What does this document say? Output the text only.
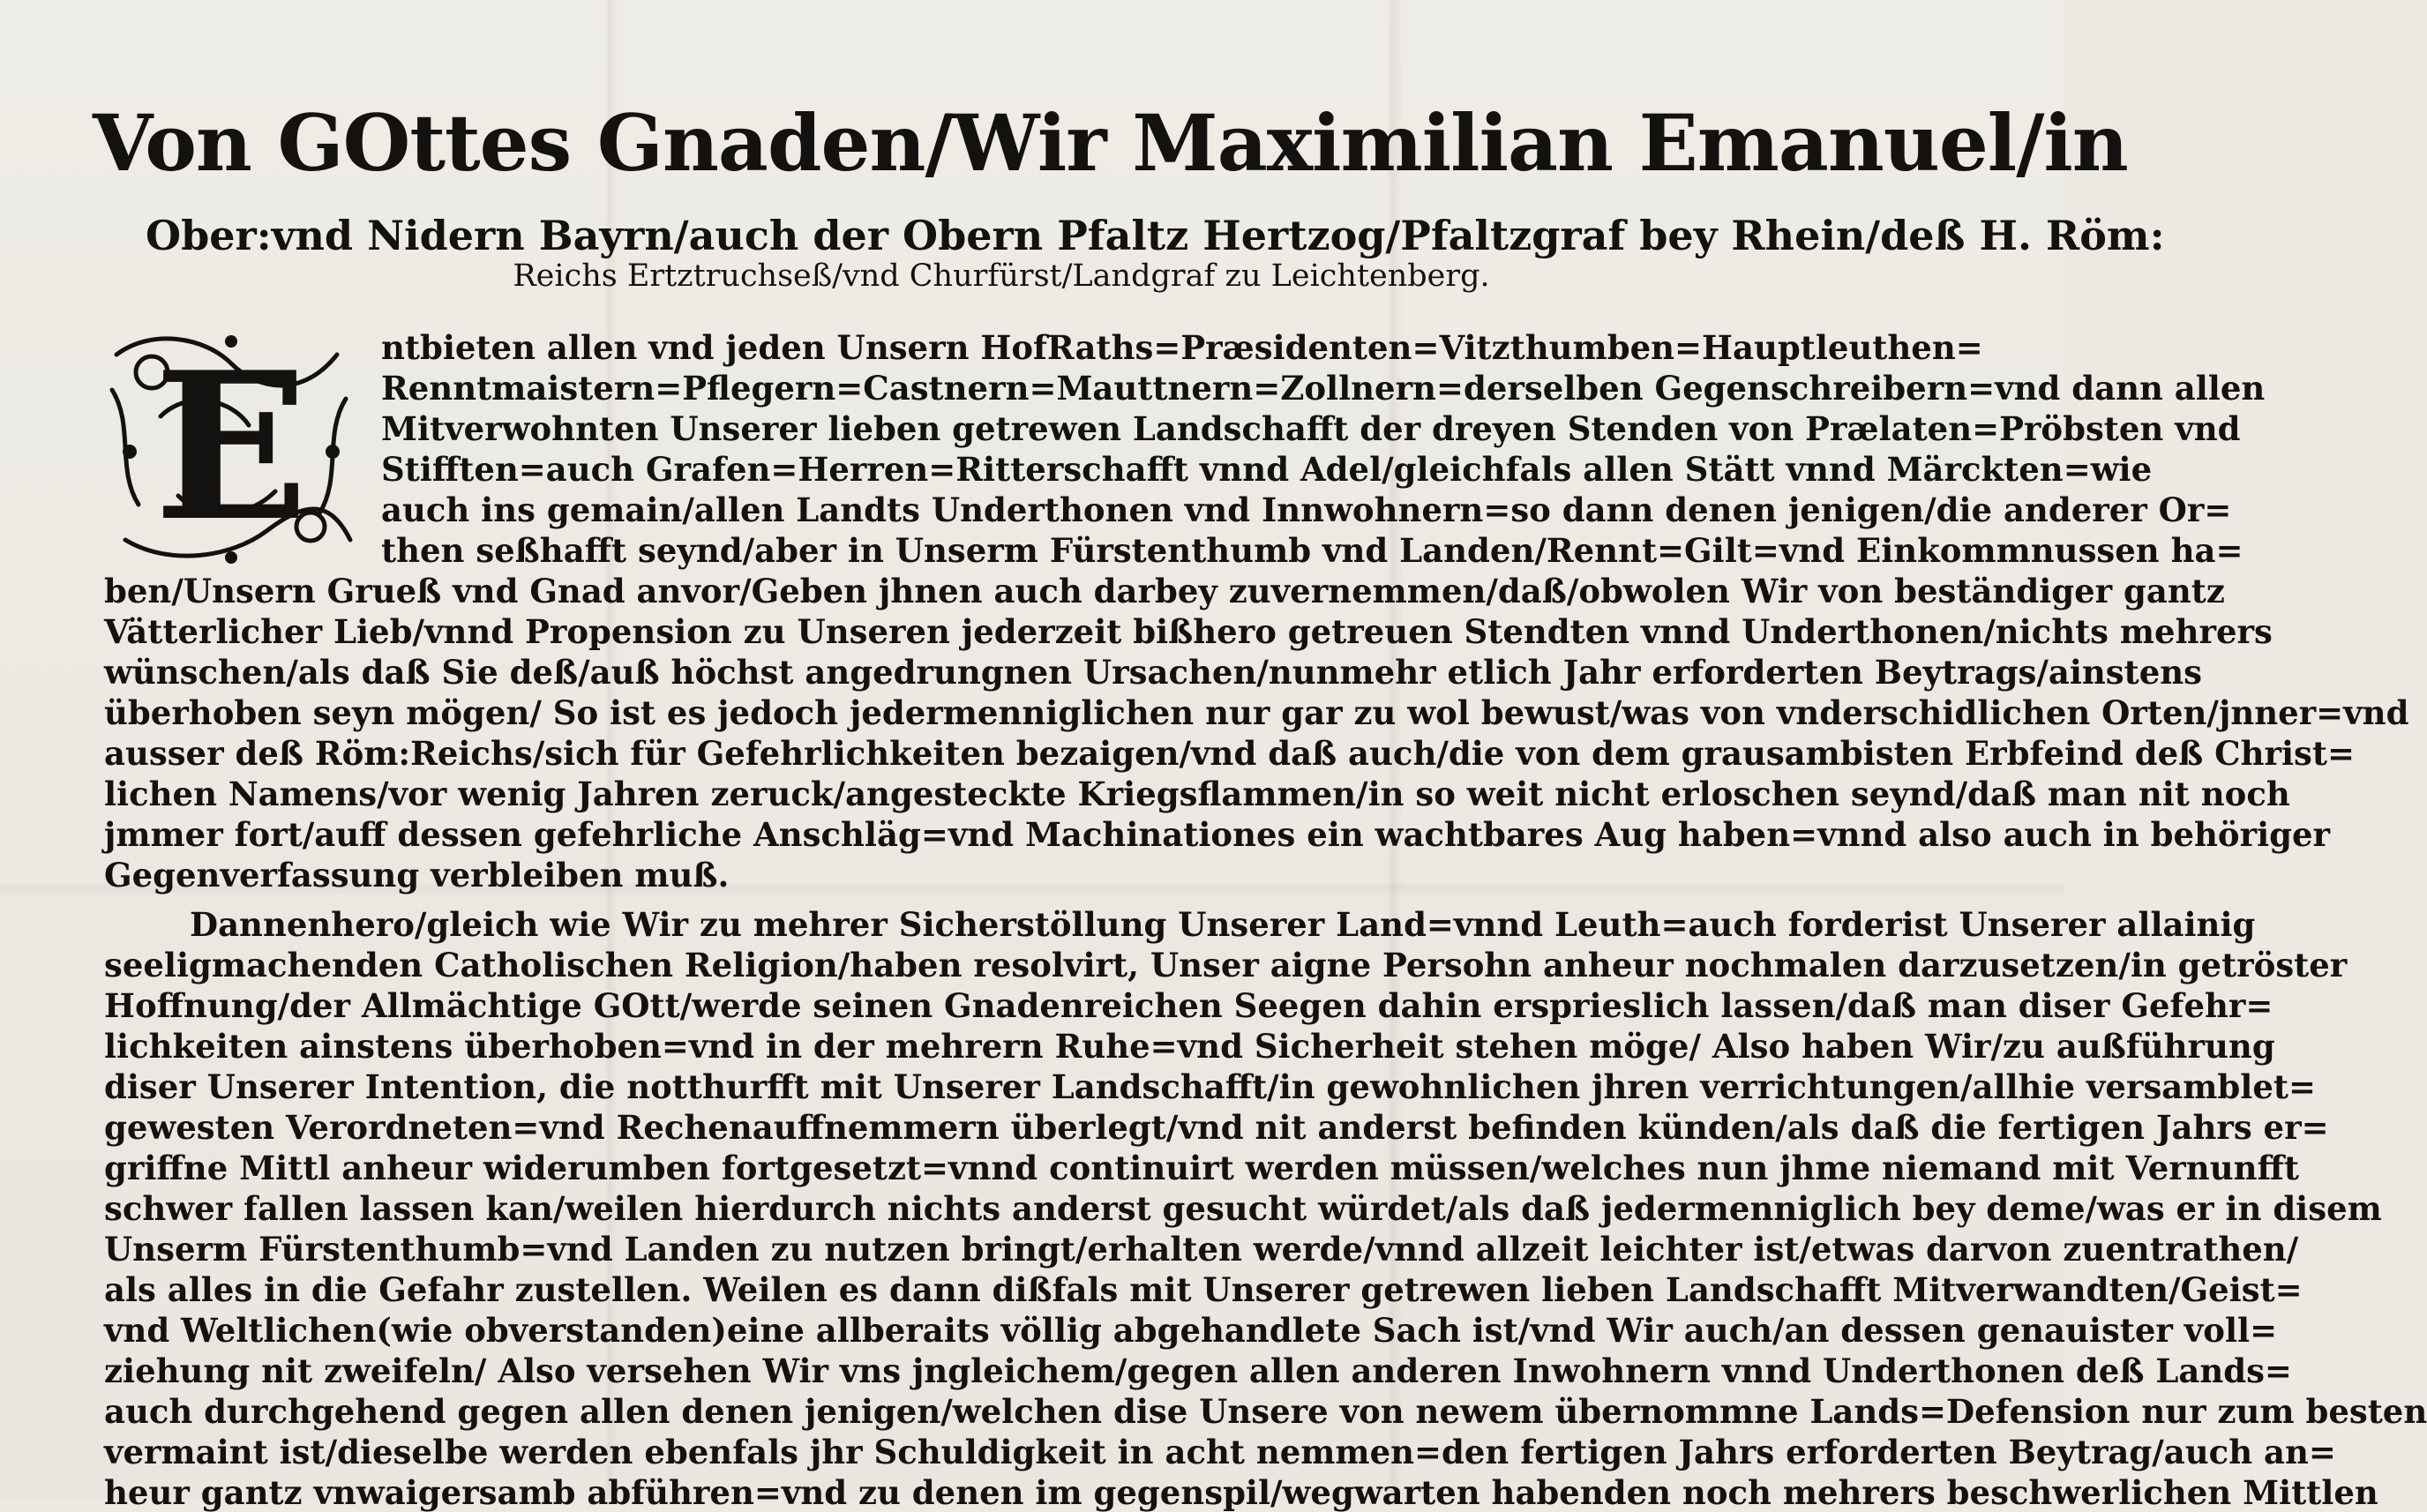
Von GOttes Gnaden/Wir Maximilian Emanuel/in
Ober:vnd Nidern Bayrn/auch der Obern Pfaltz Hertzog/Pfaltzgraf bey Rhein/deß H. Röm:
Reichs Ertztruchseß/vnd Churfürst/Landgraf zu Leichtenberg.
E ntbieten allen vnd jeden Unsern HofRaths=Præsidenten=Vitzthumben=Hauptleuthen=
Renntmaistern=Pflegern=Castnern=Mauttnern=Zollnern=derselben Gegenschreibern=vnd dann allen
Mitverwohnten Unserer lieben getrewen Landschafft der dreyen Stenden von Prælaten=Pröbsten vnd
Stifften=auch Grafen=Herren=Ritterschafft vnnd Adel/gleichfals allen Stätt vnnd Märckten=wie
auch ins gemain/allen Landts Underthonen vnd Innwohnern=so dann denen jenigen/die anderer Or=
then seßhafft seynd/aber in Unserm Fürstenthumb vnd Landen/Rennt=Gilt=vnd Einkommnussen ha=
ben/Unsern Grueß vnd Gnad anvor/Geben jhnen auch darbey zuvernemmen/daß/obwolen Wir von beständiger gantz
Vätterlicher Lieb/vnnd Propension zu Unseren jederzeit bißhero getreuen Stendten vnnd Underthonen/nichts mehrers
wünschen/als daß Sie deß/auß höchst angedrungnen Ursachen/nunmehr etlich Jahr erforderten Beytrags/ainstens
überhoben seyn mögen/ So ist es jedoch jedermenniglichen nur gar zu wol bewust/was von vnderschidlichen Orten/jnner=vnd
ausser deß Röm:Reichs/sich für Gefehrlichkeiten bezaigen/vnd daß auch/die von dem grausambisten Erbfeind deß Christ=
lichen Namens/vor wenig Jahren zeruck/angesteckte Kriegsflammen/in so weit nicht erloschen seynd/daß man nit noch
jmmer fort/auff dessen gefehrliche Anschläg=vnd Machinationes ein wachtbares Aug haben=vnnd also auch in behöriger
Gegenverfassung verbleiben muß.
Dannenhero/gleich wie Wir zu mehrer Sicherstöllung Unserer Land=vnnd Leuth=auch forderist Unserer allainig
seeligmachenden Catholischen Religion/haben resolvirt, Unser aigne Persohn anheur nochmalen darzusetzen/in getröster
Hoffnung/der Allmächtige GOtt/werde seinen Gnadenreichen Seegen dahin ersprieslich lassen/daß man diser Gefehr=
lichkeiten ainstens überhoben=vnd in der mehrern Ruhe=vnd Sicherheit stehen möge/ Also haben Wir/zu außführung
diser Unserer Intention, die notthurfft mit Unserer Landschafft/in gewohnlichen jhren verrichtungen/allhie versamblet=
gewesten Verordneten=vnd Rechenauffnemmern überlegt/vnd nit anderst befinden künden/als daß die fertigen Jahrs er=
griffne Mittl anheur widerumben fortgesetzt=vnnd continuirt werden müssen/welches nun jhme niemand mit Vernunfft
schwer fallen lassen kan/weilen hierdurch nichts anderst gesucht würdet/als daß jedermenniglich bey deme/was er in disem
Unserm Fürstenthumb=vnd Landen zu nutzen bringt/erhalten werde/vnnd allzeit leichter ist/etwas darvon zuentrathen/
als alles in die Gefahr zustellen. Weilen es dann dißfals mit Unserer getrewen lieben Landschafft Mitverwandten/Geist=
vnd Weltlichen(wie obverstanden)eine allberaits völlig abgehandlete Sach ist/vnd Wir auch/an dessen genauister voll=
ziehung nit zweifeln/ Also versehen Wir vns jngleichem/gegen allen anderen Inwohnern vnnd Underthonen deß Lands=
auch durchgehend gegen allen denen jenigen/welchen dise Unsere von newem übernommne Lands=Defension nur zum besten
vermaint ist/dieselbe werden ebenfals jhr Schuldigkeit in acht nemmen=den fertigen Jahrs erforderten Beytrag/auch an=
heur gantz vnwaigersamb abführen=vnd zu denen im gegenspil/wegwarten habenden noch mehrers beschwerlichen Mittlen
